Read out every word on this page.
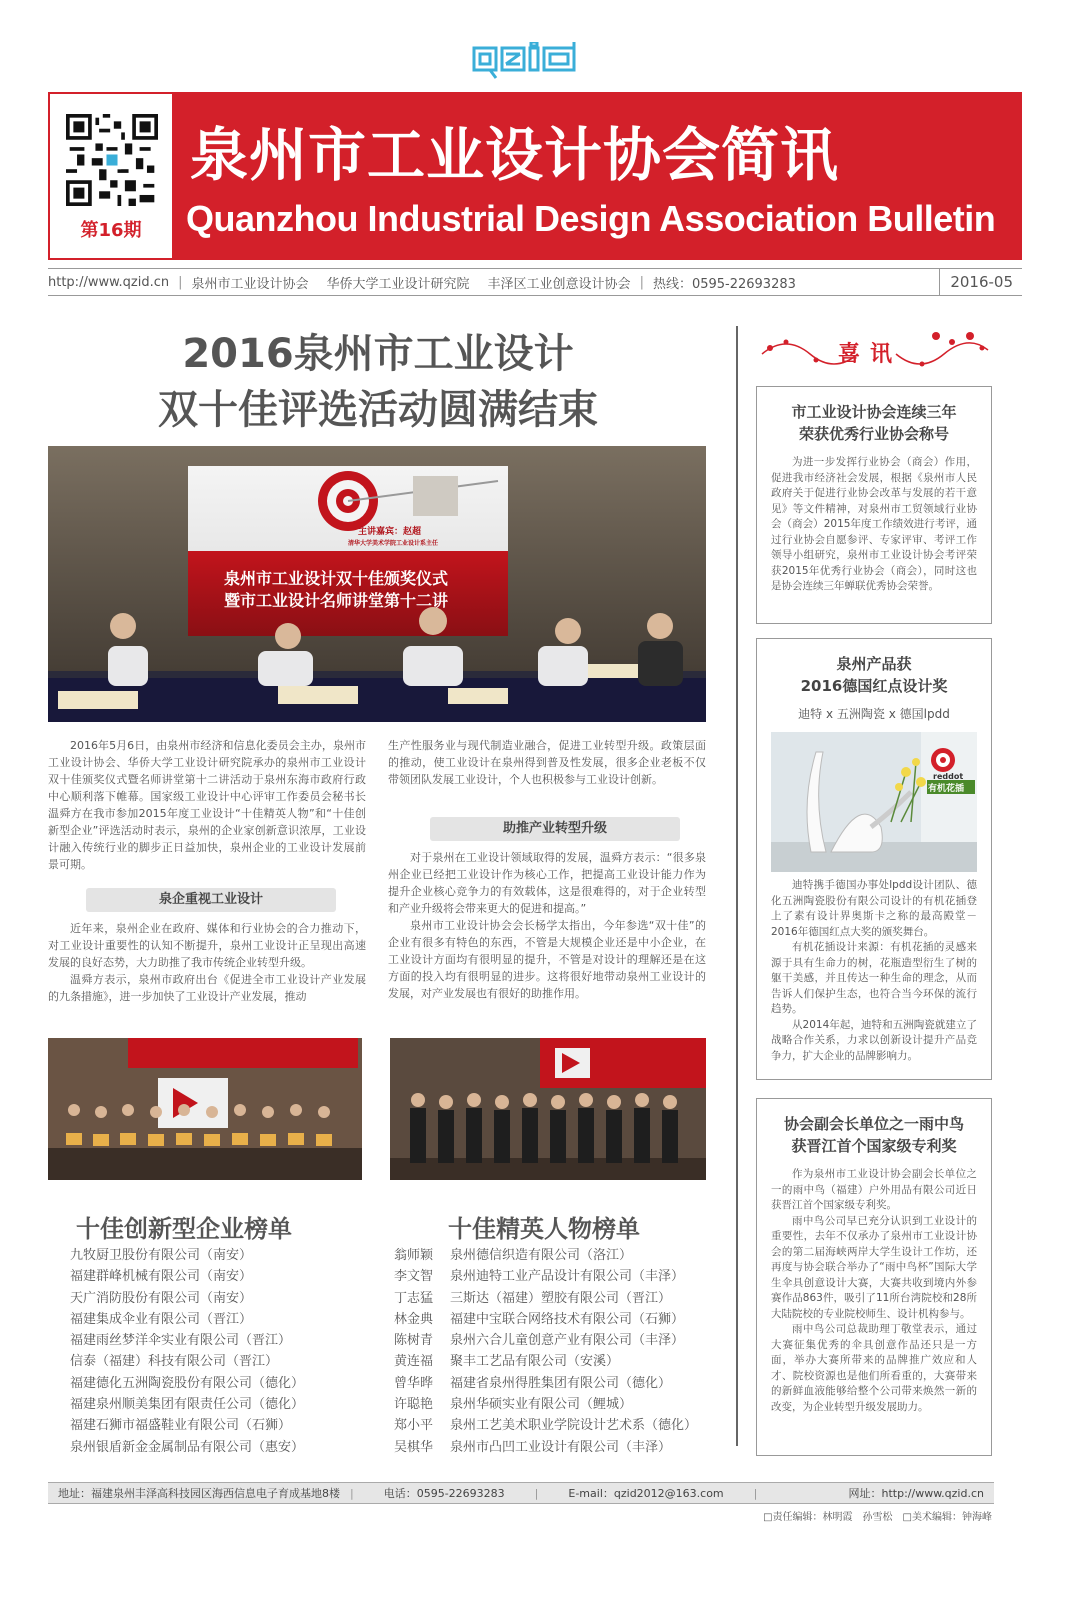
第16期
泉州市工业设计协会简讯
Quanzhou Industrial Design Association Bulletin
http://www.qzid.cn | 泉州市工业设计协会	华侨大学工业设计研究院	丰泽区工业创意设计协会 | 热线：0595-22693283	2016-05
2016泉州市工业设计
双十佳评选活动圆满结束
泉州市工业设计双十佳颁奖仪式
暨市工业设计名师讲堂第十二讲
主讲嘉宾：赵超
清华大学美术学院工业设计系主任

2016年5月6日，由泉州市经济和信息化委员会主办，泉州市工业设计协会、华侨大学工业设计研究院承办的泉州市工业设计双十佳颁奖仪式暨名师讲堂第十二讲活动于泉州东海市政府行政中心顺利落下帷幕。国家级工业设计中心评审工作委员会秘书长温舜方在我市参加2015年度工业设计“十佳精英人物”和“十佳创新型企业”评选活动时表示，泉州的企业家创新意识浓厚，工业设计融入传统行业的脚步正日益加快，泉州企业的工业设计发展前景可期。

泉企重视工业设计

近年来，泉州企业在政府、媒体和行业协会的合力推动下，对工业设计重要性的认知不断提升，泉州工业设计正呈现出高速发展的良好态势，大力助推了我市传统企业转型升级。

温舜方表示，泉州市政府出台《促进全市工业设计产业发展的九条措施》，进一步加快了工业设计产业发展，推动

生产性服务业与现代制造业融合，促进工业转型升级。政策层面的推动，使工业设计在泉州得到普及性发展，很多企业老板不仅带领团队发展工业设计，个人也积极参与工业设计创新。

助推产业转型升级

对于泉州在工业设计领域取得的发展，温舜方表示：“很多泉州企业已经把工业设计作为核心工作，把提高工业设计能力作为提升企业核心竞争力的有效载体，这是很难得的，对于企业转型和产业升级将会带来更大的促进和提高。”

泉州市工业设计协会会长杨学太指出，今年参选“双十佳”的企业有很多有特色的东西，不管是大规模企业还是中小企业，在工业设计方面均有很明显的提升，不管是对设计的理解还是在这方面的投入均有很明显的进步。这将很好地带动泉州工业设计的发展，对产业发展也有很好的助推作用。

十佳创新型企业榜单
九牧厨卫股份有限公司（南安）
福建群峰机械有限公司（南安）
天广消防股份有限公司（南安）
福建集成伞业有限公司（晋江）
福建雨丝梦洋伞实业有限公司（晋江）
信泰（福建）科技有限公司（晋江）
福建德化五洲陶瓷股份有限公司（德化）
福建泉州顺美集团有限责任公司（德化）
福建石狮市福盛鞋业有限公司（石狮）
泉州银盾新金金属制品有限公司（惠安）
十佳精英人物榜单
翁师颖	泉州德信织造有限公司（洛江）
李文智	泉州迪特工业产品设计有限公司（丰泽）
丁志猛	三斯达（福建）塑胶有限公司（晋江）
林金典	福建中宝联合网络技术有限公司（石狮）
陈树青	泉州六合儿童创意产业有限公司（丰泽）
黄连福	聚丰工艺品有限公司（安溪）
曾华晔	福建省泉州得胜集团有限公司（德化）
许聪艳	泉州华硕实业有限公司（鲤城）
郑小平	泉州工艺美术职业学院设计艺术系（德化）
吴棋华	泉州市凸凹工业设计有限公司（丰泽）
喜讯
市工业设计协会连续三年
荣获优秀行业协会称号

为进一步发挥行业协会（商会）作用，促进我市经济社会发展，根据《泉州市人民政府关于促进行业协会改革与发展的若干意见》等文件精神，对泉州市工贸领域行业协会（商会）2015年度工作绩效进行考评，通过行业协会自愿参评、专家评审、考评工作领导小组研究，泉州市工业设计协会考评荣获2015年优秀行业协会（商会），同时这也是协会连续三年蝉联优秀协会荣誉。

泉州产品获
2016德国红点设计奖
迪特 x 五洲陶瓷 x 德国lpdd
reddot
有机花插

迪特携手德国办事处lpdd设计团队、德化五洲陶瓷股份有限公司设计的有机花插登上了素有设计界奥斯卡之称的最高殿堂－2016年德国红点大奖的颁奖舞台。

有机花插设计来源：有机花插的灵感来源于具有生命力的树，花瓶造型衍生了树的躯干美感，并且传达一种生命的理念，从而告诉人们保护生态，也符合当今环保的流行趋势。

从2014年起，迪特和五洲陶瓷就建立了战略合作关系，力求以创新设计提升产品竞争力，扩大企业的品牌影响力。

协会副会长单位之一雨中鸟
获晋江首个国家级专利奖

作为泉州市工业设计协会副会长单位之一的雨中鸟（福建）户外用品有限公司近日获晋江首个国家级专利奖。

雨中鸟公司早已充分认识到工业设计的重要性，去年不仅承办了泉州市工业设计协会的第二届海峡两岸大学生设计工作坊，还再度与协会联合举办了“雨中鸟杯”国际大学生伞具创意设计大赛，大赛共收到境内外参赛作品863件，吸引了11所台湾院校和28所大陆院校的专业院校师生、设计机构参与。

雨中鸟公司总裁助理丁敬堂表示，通过大赛征集优秀的伞具创意作品还只是一方面，举办大赛所带来的品牌推广效应和人才、院校资源也是他们所看重的，大赛带来的新鲜血液能够给整个公司带来焕然一新的改变，为企业转型升级发展助力。

地址：福建泉州丰泽高科技园区海西信息电子育成基地8楼 |	电话：0595-22693283	|	E-mail：qzid2012@163.com	|	网址：http://www.qzid.cn
□责任编辑：林明霞　孙雪松　□美术编辑：钟海峰
